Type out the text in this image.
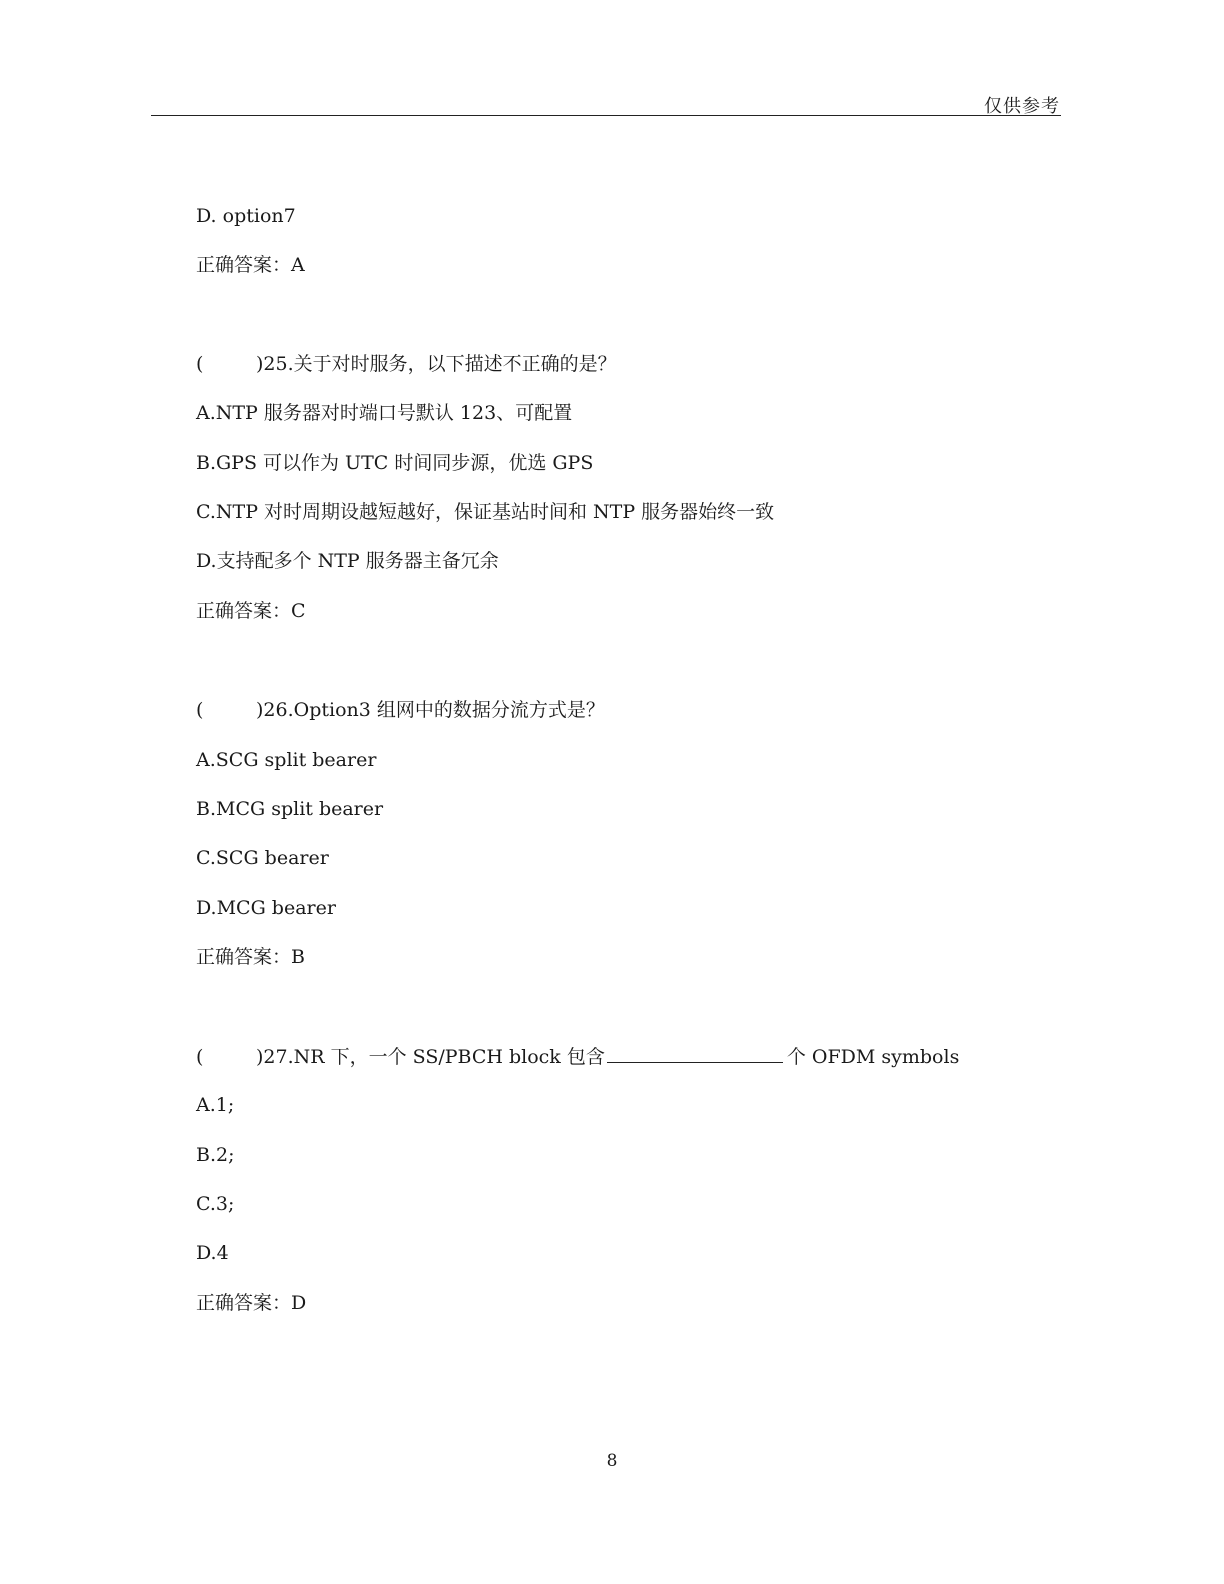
仅供参考
D. option7
正确答案：A
(	)25.关于对时服务，以下描述不正确的是？
A.NTP 服务器对时端口号默认 123、可配置
B.GPS 可以作为 UTC 时间同步源，优选 GPS
C.NTP 对时周期设越短越好，保证基站时间和 NTP 服务器始终一致
D.支持配多个 NTP 服务器主备冗余
正确答案：C
(	)26.Option3 组网中的数据分流方式是？
A.SCG split bearer
B.MCG split bearer
C.SCG bearer
D.MCG bearer
正确答案：B
(	)27.NR 下，一个 SS/PBCH block 包含	个 OFDM symbols
A.1;
B.2;
C.3;
D.4
正确答案：D
8
